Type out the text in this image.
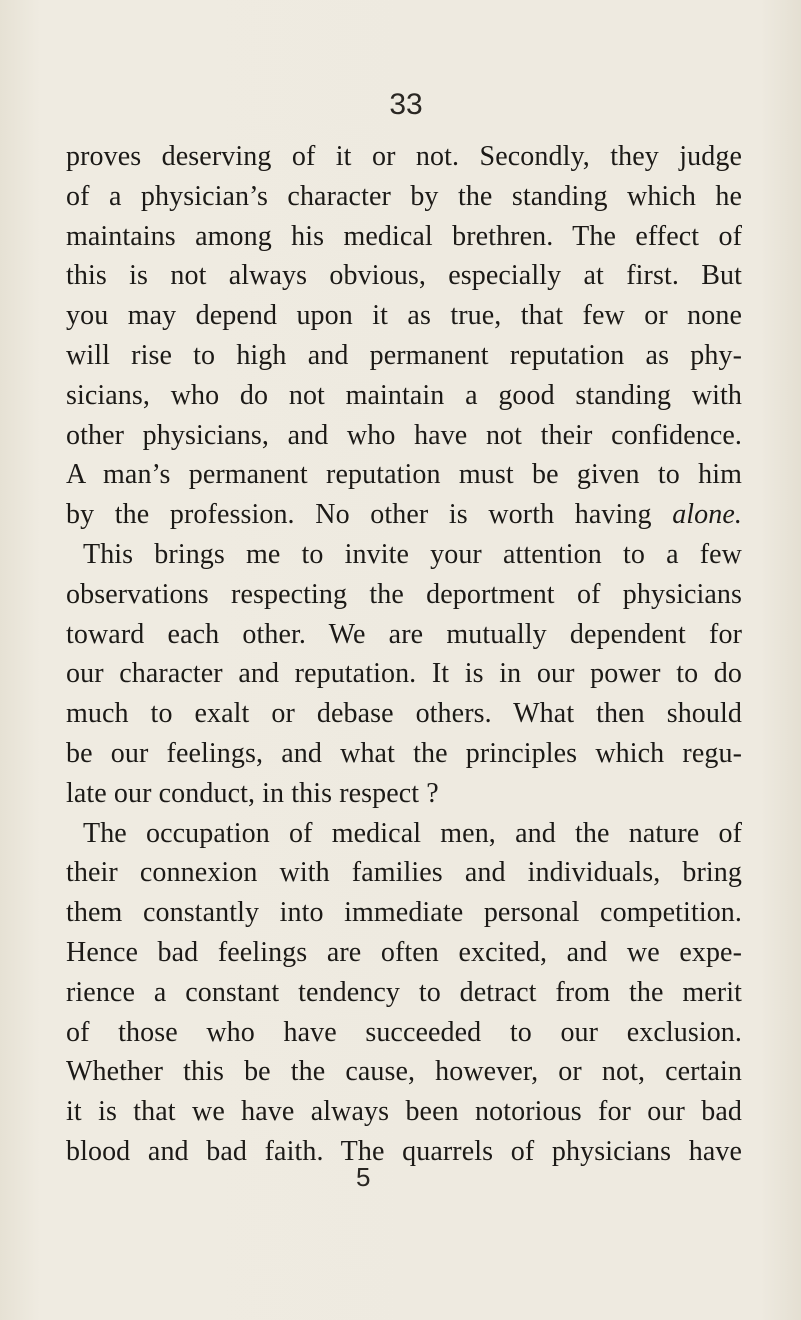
33
proves deserving of it or not. Secondly, they judge
of a physician’s character by the standing which he
maintains among his medical brethren. The effect of
this is not always obvious, especially at first. But
you may depend upon it as true, that few or none
will rise to high and permanent reputation as phy-
sicians, who do not maintain a good standing with
other physicians, and who have not their confidence.
A man’s permanent reputation must be given to him
by the profession. No other is worth having alone.
This brings me to invite your attention to a few
observations respecting the deportment of physicians
toward each other. We are mutually dependent for
our character and reputation. It is in our power to do
much to exalt or debase others. What then should
be our feelings, and what the principles which regu-
late our conduct, in this respect ?
The occupation of medical men, and the nature of
their connexion with families and individuals, bring
them constantly into immediate personal competition.
Hence bad feelings are often excited, and we expe-
rience a constant tendency to detract from the merit
of those who have succeeded to our exclusion.
Whether this be the cause, however, or not, certain
it is that we have always been notorious for our bad
blood and bad faith. The quarrels of physicians have
5
